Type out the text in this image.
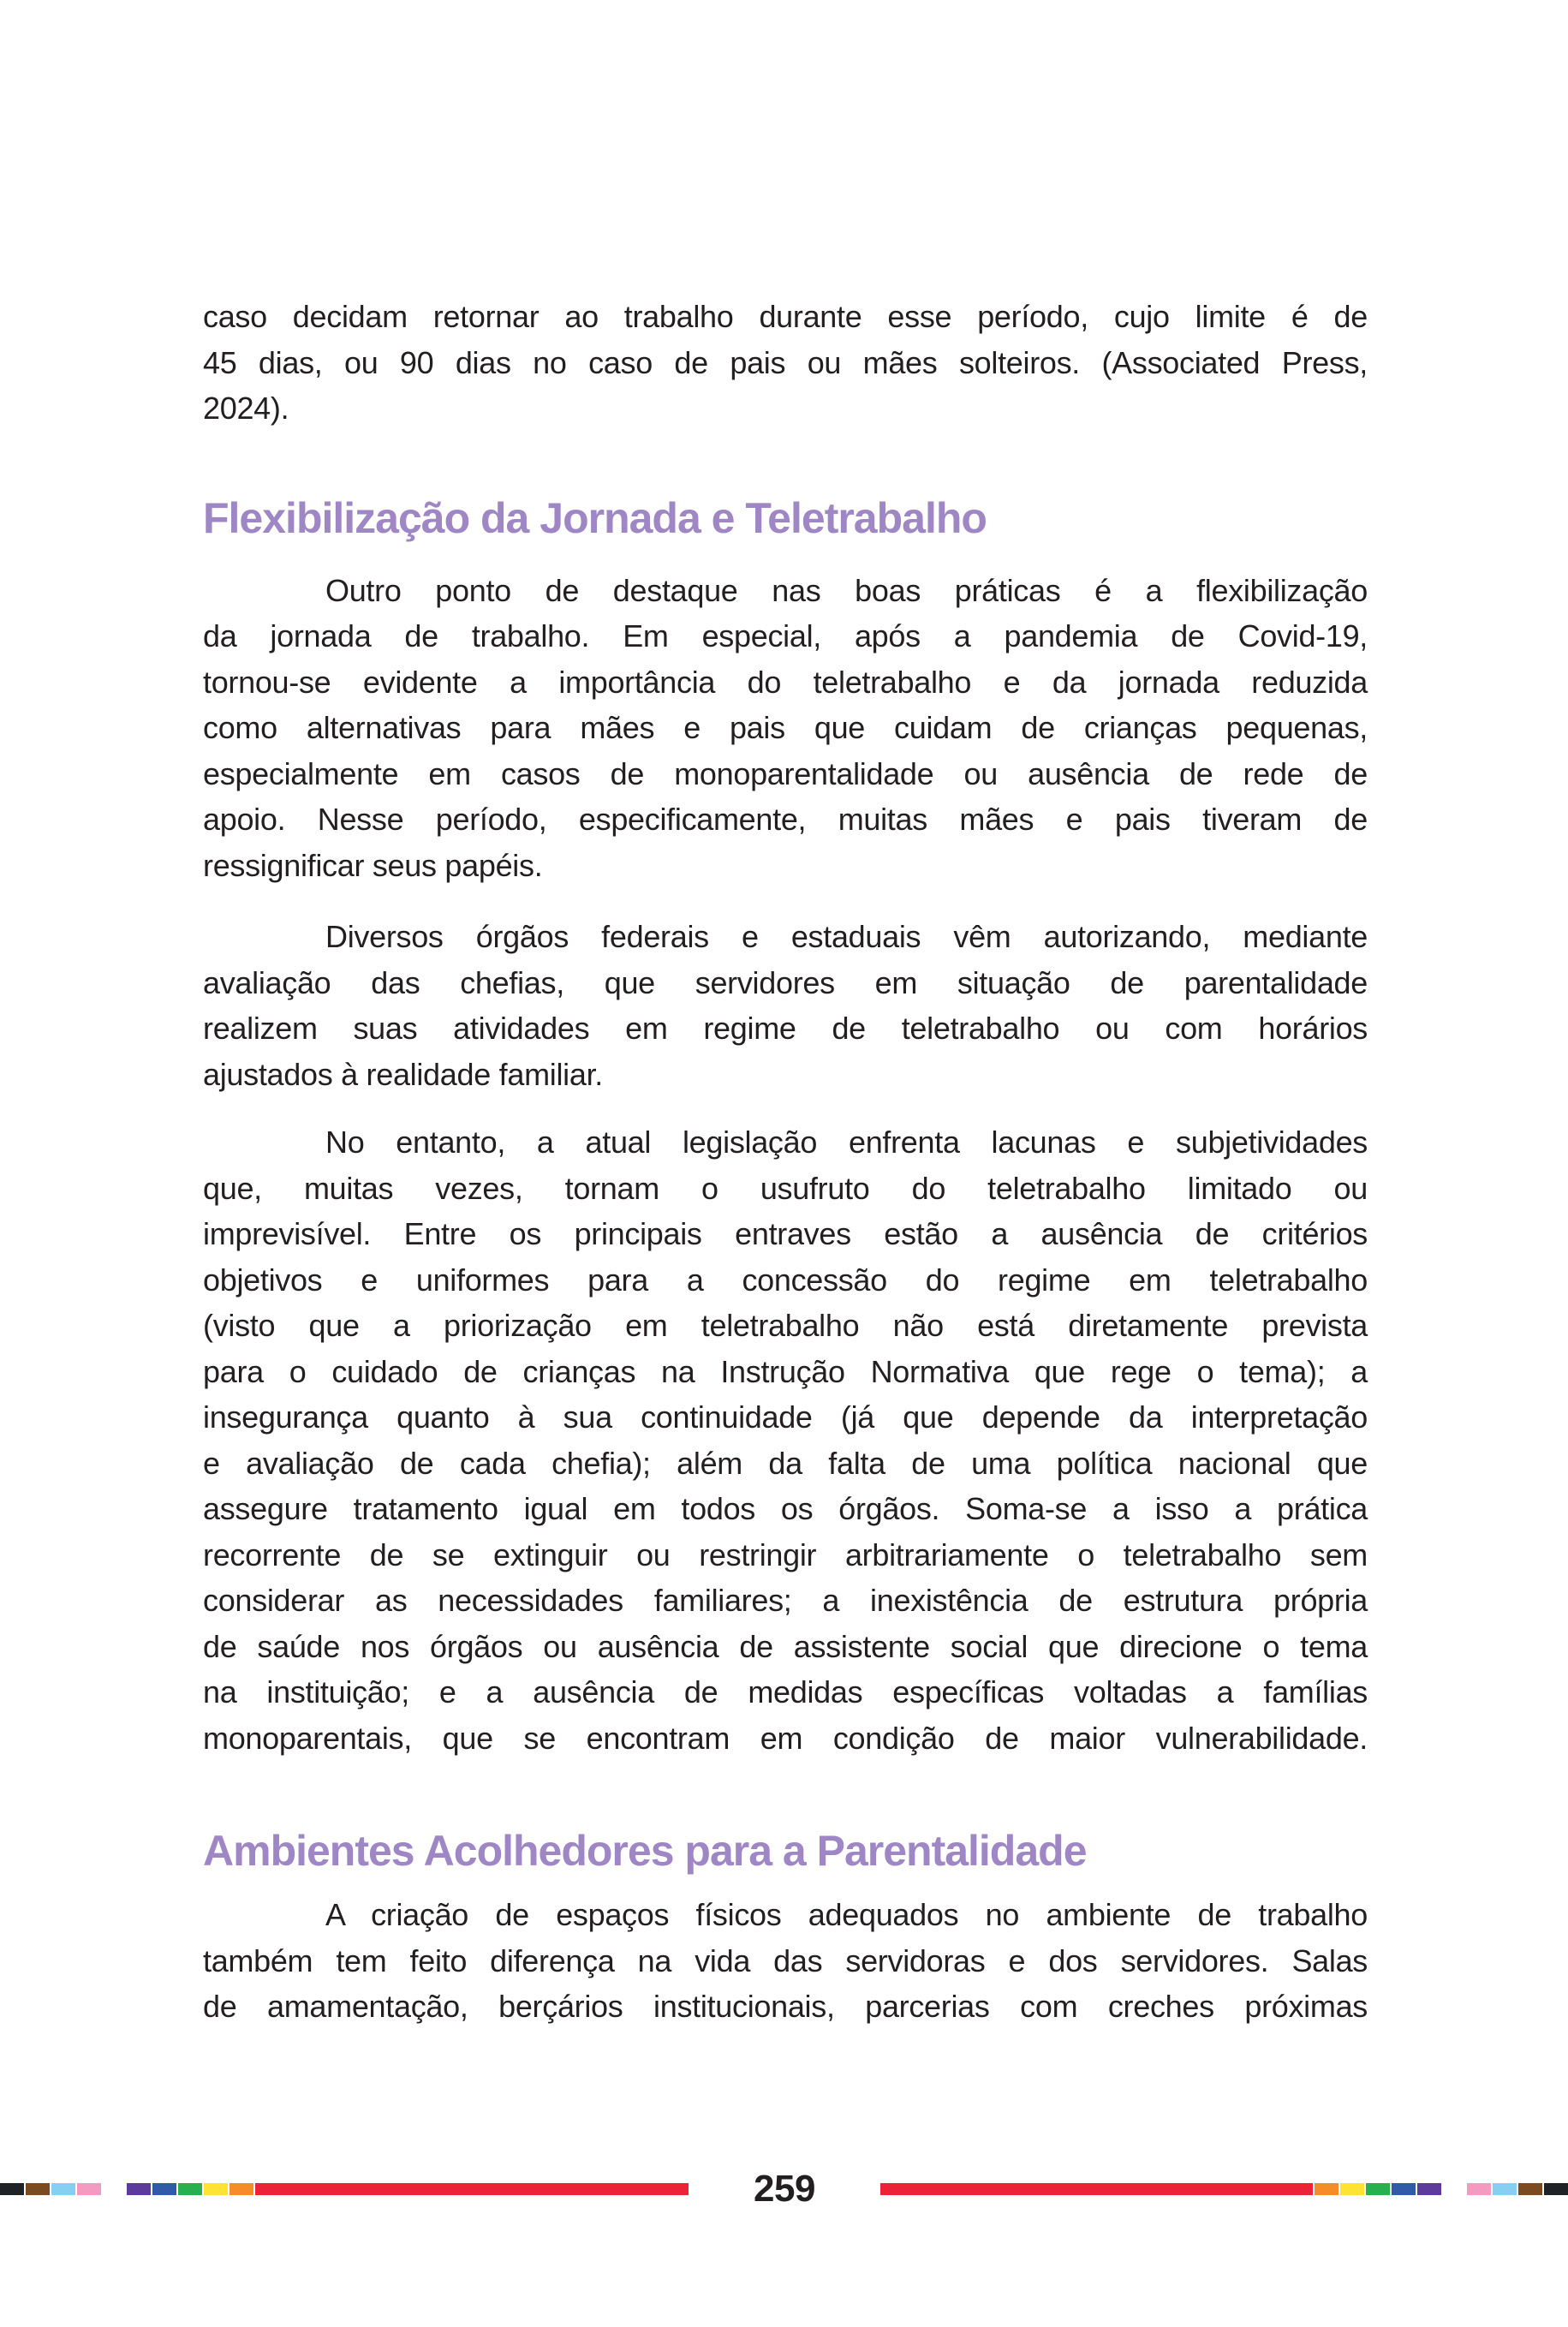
caso decidam retornar ao trabalho durante esse período, cujo limite é de
45 dias, ou 90 dias no caso de pais ou mães solteiros. (Associated Press,
2024).
Flexibilização da Jornada e Teletrabalho
Outro ponto de destaque nas boas práticas é a flexibilização
da jornada de trabalho. Em especial, após a pandemia de Covid-19,
tornou-se evidente a importância do teletrabalho e da jornada reduzida
como alternativas para mães e pais que cuidam de crianças pequenas,
especialmente em casos de monoparentalidade ou ausência de rede de
apoio. Nesse período, especificamente, muitas mães e pais tiveram de
ressignificar seus papéis.
Diversos órgãos federais e estaduais vêm autorizando, mediante
avaliação das chefias, que servidores em situação de parentalidade
realizem suas atividades em regime de teletrabalho ou com horários
ajustados à realidade familiar.
No entanto, a atual legislação enfrenta lacunas e subjetividades
que, muitas vezes, tornam o usufruto do teletrabalho limitado ou
imprevisível. Entre os principais entraves estão a ausência de critérios
objetivos e uniformes para a concessão do regime em teletrabalho
(visto que a priorização em teletrabalho não está diretamente prevista
para o cuidado de crianças na Instrução Normativa que rege o tema); a
insegurança quanto à sua continuidade (já que depende da interpretação
e avaliação de cada chefia); além da falta de uma política nacional que
assegure tratamento igual em todos os órgãos. Soma-se a isso a prática
recorrente de se extinguir ou restringir arbitrariamente o teletrabalho sem
considerar as necessidades familiares; a inexistência de estrutura própria
de saúde nos órgãos ou ausência de assistente social que direcione o tema
na instituição; e a ausência de medidas específicas voltadas a famílias
monoparentais, que se encontram em condição de maior vulnerabilidade.
Ambientes Acolhedores para a Parentalidade
A criação de espaços físicos adequados no ambiente de trabalho
também tem feito diferença na vida das servidoras e dos servidores. Salas
de amamentação, berçários institucionais, parcerias com creches próximas
259
